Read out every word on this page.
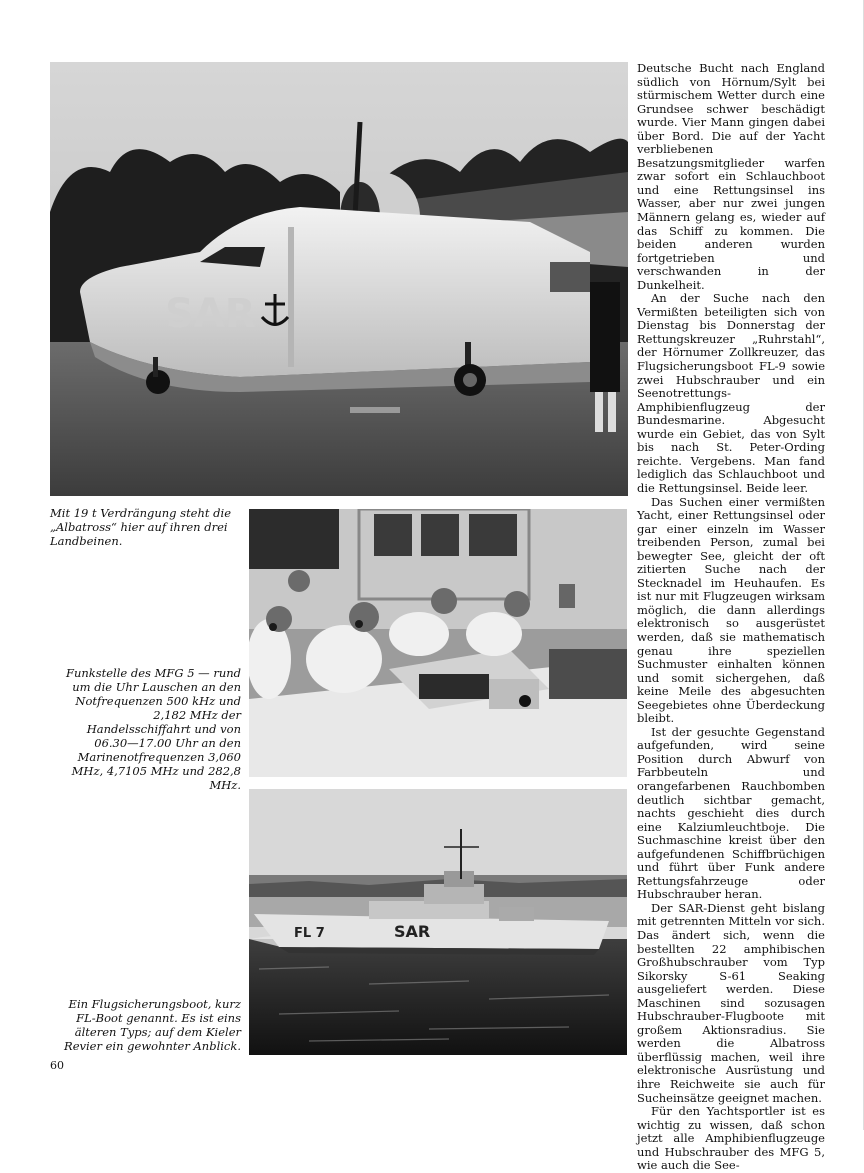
SAR
Mit 19 t Verdrängung steht die „Albatross“ hier auf ihren drei Landbeinen.
Funkstelle des MFG 5 — rund um die Uhr Lauschen an den Notfrequenzen 500 kHz und 2,182 MHz der Handelsschiffahrt und von 06.30—17.00 Uhr an den Marinenotfrequenzen 3,060 MHz, 4,7105 MHz und 282,8 MHz.
FL 7	SAR
Ein Flugsicherungsboot, kurz FL-Boot genannt. Es ist eins älteren Typs; auf dem Kieler Revier ein gewohnter Anblick.

Deutsche Bucht nach England südlich von Hörnum/Sylt bei stürmischem Wetter durch eine Grundsee schwer beschädigt wurde. Vier Mann gingen dabei über Bord. Die auf der Yacht verbliebenen Besatzungsmitglieder warfen zwar sofort ein Schlauchboot und eine Rettungsinsel ins Wasser, aber nur zwei jungen Männern gelang es, wieder auf das Schiff zu kommen. Die beiden anderen wurden fortgetrieben und verschwanden in der Dunkelheit.

An der Suche nach den Vermißten beteiligten sich von Dienstag bis Donnerstag der Rettungskreuzer „Ruhrstahl“, der Hörnumer Zollkreuzer, das Flugsicherungsboot FL-9 sowie zwei Hubschrauber und ein Seenotrettungs-Amphibienflugzeug der Bundesmarine. Abgesucht wurde ein Gebiet, das von Sylt bis nach St. Peter-Ording reichte. Vergebens. Man fand lediglich das Schlauchboot und die Rettungsinsel. Beide leer.

Das Suchen einer vermißten Yacht, einer Rettungsinsel oder gar einer einzeln im Wasser treibenden Person, zumal bei bewegter See, gleicht der oft zitierten Suche nach der Stecknadel im Heuhaufen. Es ist nur mit Flugzeugen wirksam möglich, die dann allerdings elektronisch so ausgerüstet werden, daß sie mathematisch genau ihre speziellen Suchmuster einhalten können und somit sichergehen, daß keine Meile des abgesuchten Seegebietes ohne Überdeckung bleibt.

Ist der gesuchte Gegenstand aufgefunden, wird seine Position durch Abwurf von Farbbeuteln und orangefarbenen Rauchbomben deutlich sichtbar gemacht, nachts geschieht dies durch eine Kalziumleuchtboje. Die Suchmaschine kreist über den aufgefundenen Schiffbrüchigen und führt über Funk andere Rettungsfahrzeuge oder Hubschrauber heran.

Der SAR-Dienst geht bislang mit getrennten Mitteln vor sich. Das ändert sich, wenn die bestellten 22 amphibischen Großhubschrauber vom Typ Sikorsky S-61 Seaking ausgeliefert werden. Diese Maschinen sind sozusagen Hubschrauber-Flugboote mit großem Aktionsradius. Sie werden die Albatross überflüssig machen, weil ihre elektronische Ausrüstung und ihre Reichweite sie auch für Sucheinsätze geeignet machen.

Für den Yachtsportler ist es wichtig zu wissen, daß schon jetzt alle Amphibienflugzeuge und Hubschrauber des MFG 5, wie auch die See-

60
